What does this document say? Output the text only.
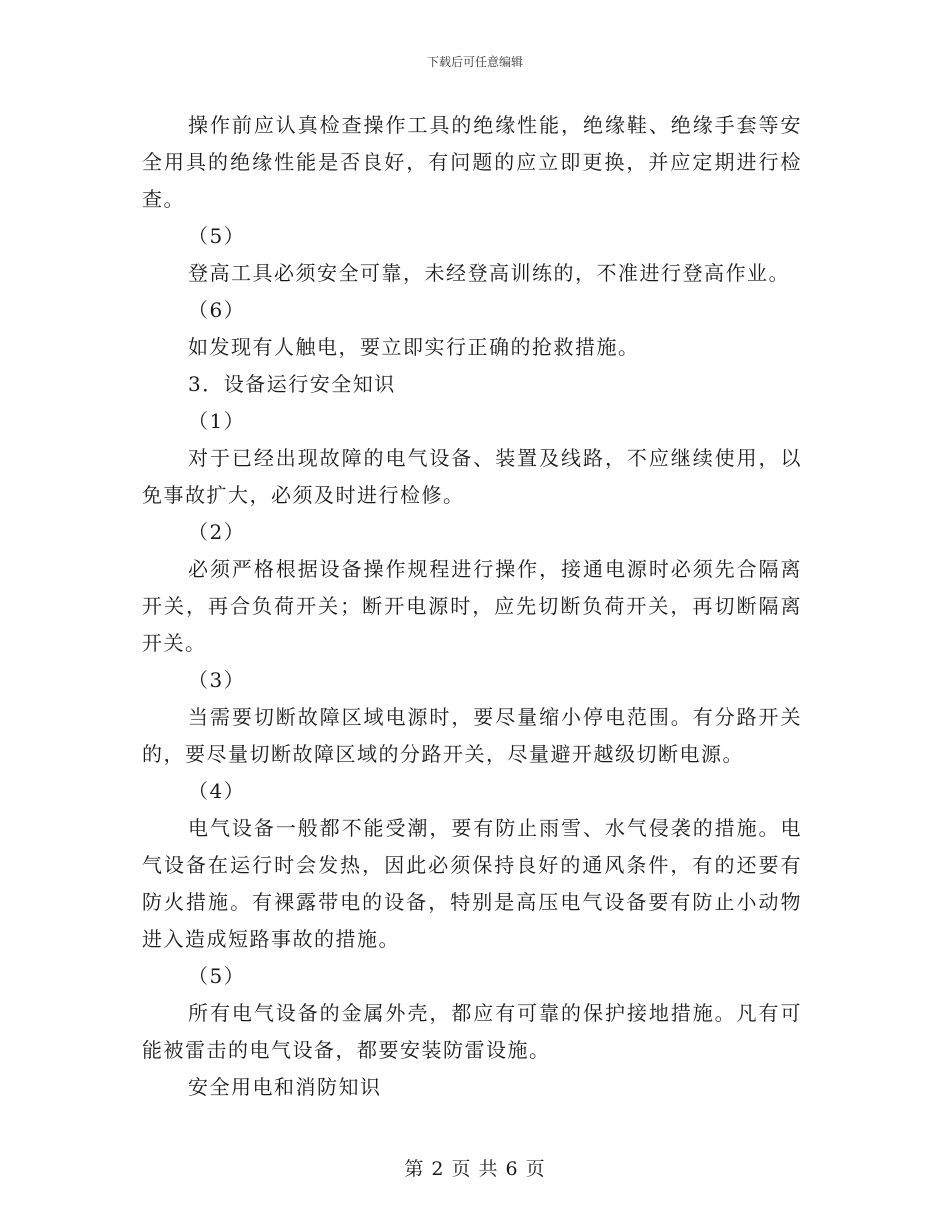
下载后可任意编辑

操作前应认真检查操作工具的绝缘性能，绝缘鞋、绝缘手套等安全用具的绝缘性能是否良好，有问题的应立即更换，并应定期进行检查。

（5）

登高工具必须安全可靠，未经登高训练的，不准进行登高作业。

（6）

如发现有人触电，要立即实行正确的抢救措施。

3．设备运行安全知识

（1）

对于已经出现故障的电气设备、装置及线路，不应继续使用，以免事故扩大，必须及时进行检修。

（2）

必须严格根据设备操作规程进行操作，接通电源时必须先合隔离开关，再合负荷开关；断开电源时，应先切断负荷开关，再切断隔离开关。

（3）

当需要切断故障区域电源时，要尽量缩小停电范围。有分路开关的，要尽量切断故障区域的分路开关，尽量避开越级切断电源。

（4）

电气设备一般都不能受潮，要有防止雨雪、水气侵袭的措施。电气设备在运行时会发热，因此必须保持良好的通风条件，有的还要有防火措施。有裸露带电的设备，特别是高压电气设备要有防止小动物进入造成短路事故的措施。

（5）

所有电气设备的金属外壳，都应有可靠的保护接地措施。凡有可能被雷击的电气设备，都要安装防雷设施。

安全用电和消防知识

第 2 页 共 6 页
